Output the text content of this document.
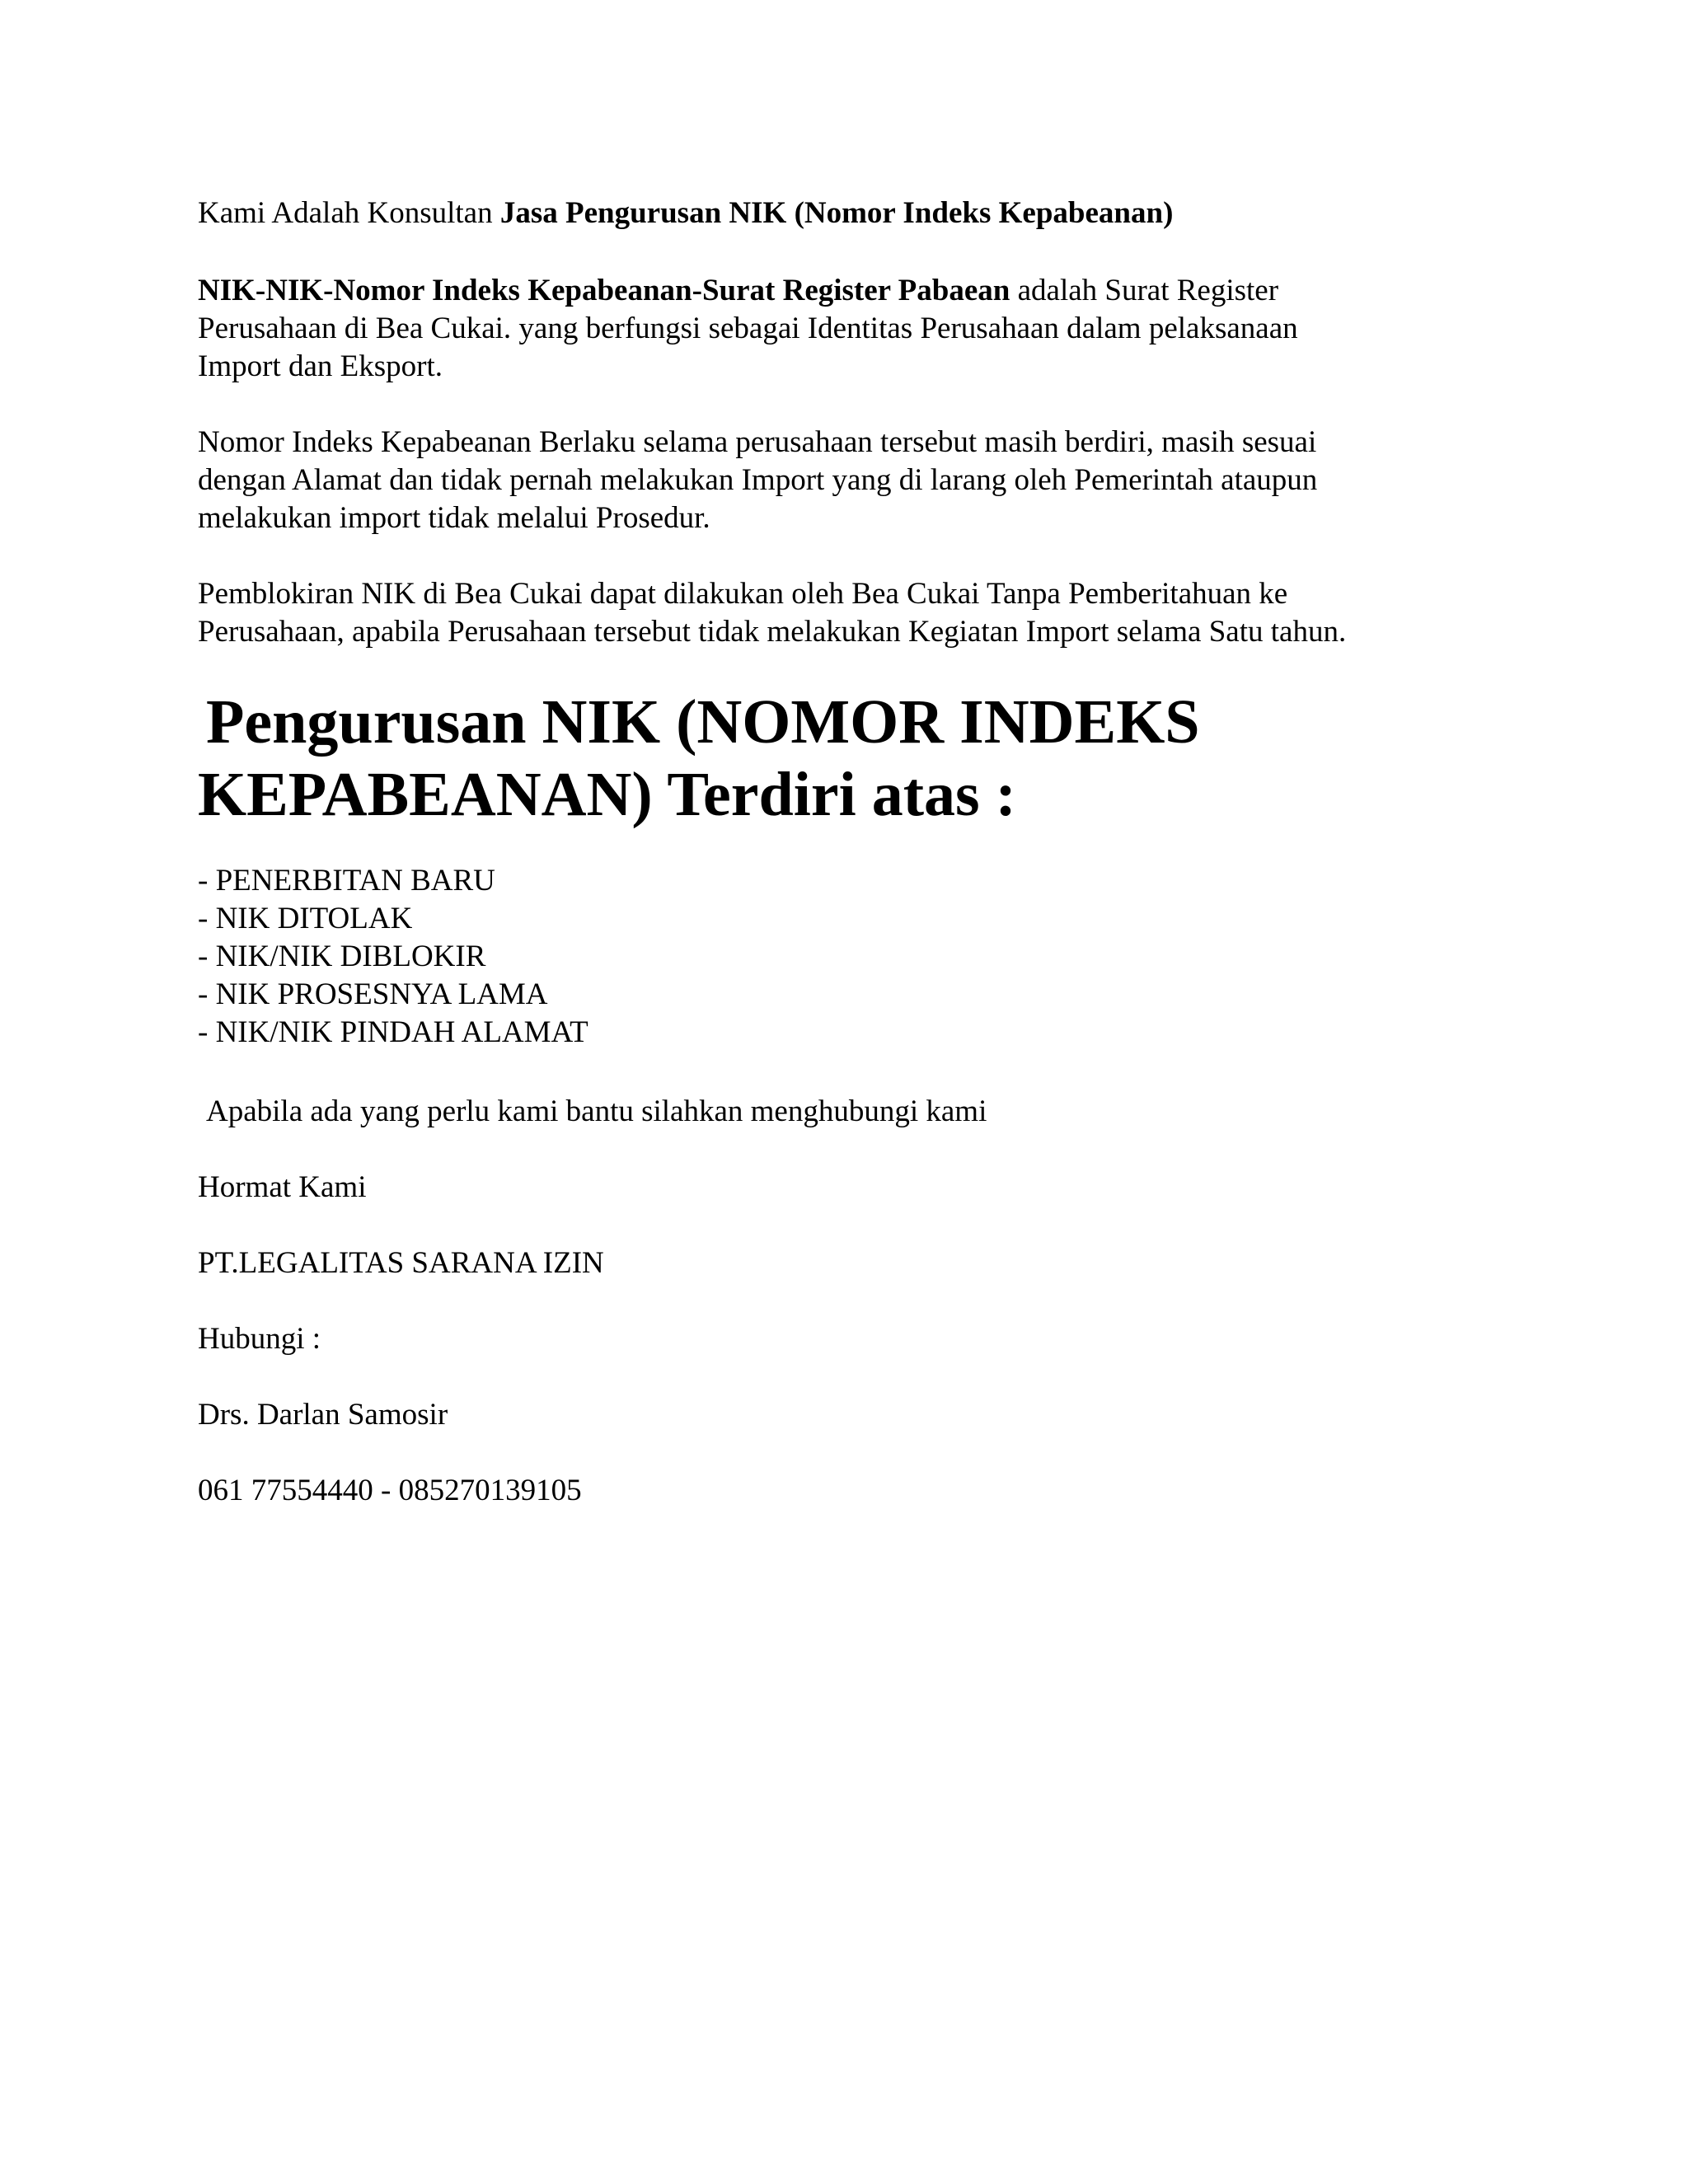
Kami Adalah Konsultan Jasa Pengurusan NIK (Nomor Indeks Kepabeanan)

NIK-NIK-Nomor Indeks Kepabeanan-Surat Register Pabaean adalah Surat Register
Perusahaan di Bea Cukai. yang berfungsi sebagai Identitas Perusahaan dalam pelaksanaan
Import dan Eksport.

Nomor Indeks Kepabeanan Berlaku selama perusahaan tersebut masih berdiri, masih sesuai
dengan Alamat dan tidak pernah melakukan Import yang di larang oleh Pemerintah ataupun
melakukan import tidak melalui Prosedur.

Pemblokiran NIK di Bea Cukai dapat dilakukan oleh Bea Cukai Tanpa Pemberitahuan ke
Perusahaan, apabila Perusahaan tersebut tidak melakukan Kegiatan Import selama Satu tahun.

Pengurusan NIK (NOMOR INDEKS
KEPABEANAN) Terdiri atas :
- PENERBITAN BARU
- NIK DITOLAK
- NIK/NIK DIBLOKIR
- NIK PROSESNYA LAMA
- NIK/NIK PINDAH ALAMAT

Apabila ada yang perlu kami bantu silahkan menghubungi kami

Hormat Kami

PT.LEGALITAS SARANA IZIN

Hubungi :

Drs. Darlan Samosir

061 77554440 - 085270139105
